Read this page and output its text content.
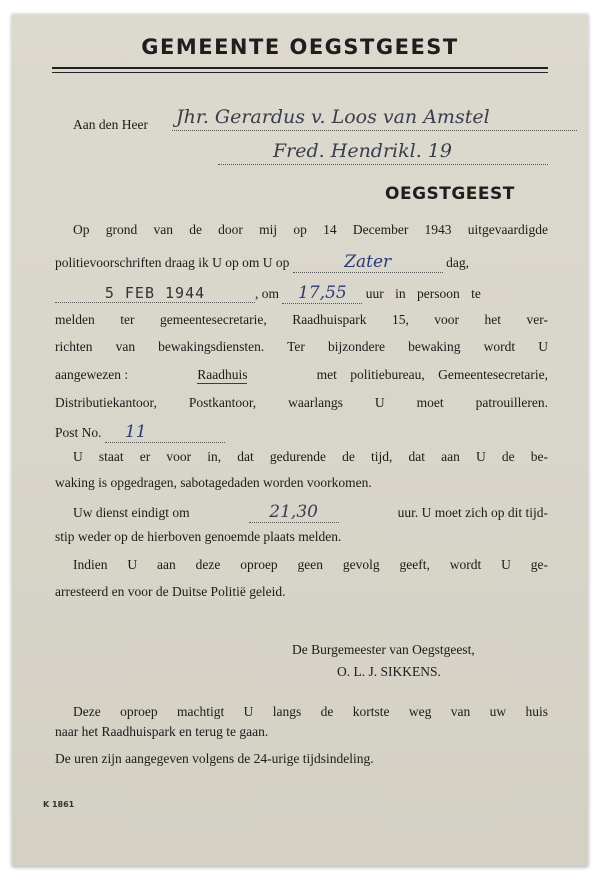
GEMEENTE OEGSTGEEST
Aan den Heer Jhr. Gerardus v. Loos van Amstel
Fred. Hendrikl. 19
OEGSTGEEST
Op grond van de door mij op 14 December 1943 uitgevaardigde
politievoorschriften draag ik U op om U op	Zater	dag,
5 FEB 1944	, om 17,55 uur in persoon te
melden ter gemeentesecretarie, Raadhuispark 15, voor het ver-
richten van bewakingsdiensten. Ter bijzondere bewaking wordt U
aangewezen :	Raadhuis	met politiebureau, Gemeentesecretarie,
Distributiekantoor, Postkantoor, waarlangs U moet patrouilleren.
Post No. 11
U staat er voor in, dat gedurende de tijd, dat aan U de be-
waking is opgedragen, sabotagedaden worden voorkomen.
Uw dienst eindigt om	21,30	uur. U moet zich op dit tijd-
stip weder op de hierboven genoemde plaats melden.
Indien U aan deze oproep geen gevolg geeft, wordt U ge-
arresteerd en voor de Duitse Politië geleid.
De Burgemeester van Oegstgeest,
O. L. J. SIKKENS.
Deze oproep machtigt U langs de kortste weg van uw huis
naar het Raadhuispark en terug te gaan.
De uren zijn aangegeven volgens de 24-urige tijdsindeling.
K 1861
